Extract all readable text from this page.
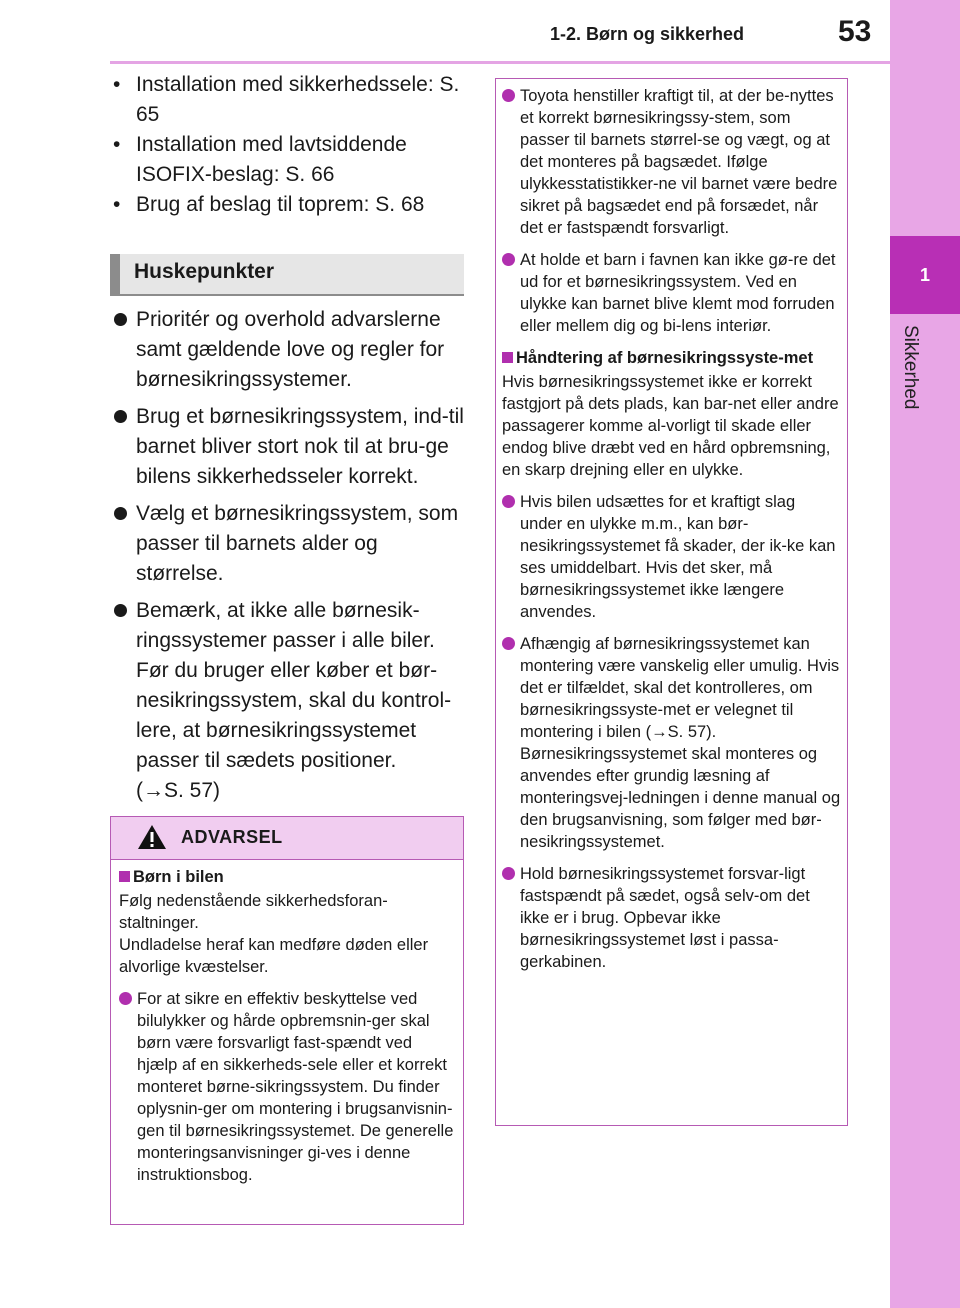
1-2. Børn og sikkerhed	53
1
Sikkerhed
• Installation med sikkerhedssele: S. 65
• Installation med lavtsiddende ISOFIX-beslag: S. 66
• Brug af beslag til toprem: S. 68
Huskepunkter
Prioritér og overhold advarslerne samt gældende love og regler for børnesikringssystemer.
Brug et børnesikringssystem, ind-til barnet bliver stort nok til at bru-ge bilens sikkerhedsseler korrekt.
Vælg et børnesikringssystem, som passer til barnets alder og størrelse.
Bemærk, at ikke alle børnesik-ringssystemer passer i alle biler. Før du bruger eller køber et bør-nesikringssystem, skal du kontrol-lere, at børnesikringssystemet passer til sædets positioner.
(→S. 57)
ADVARSEL
Børn i bilen

Følg nedenstående sikkerhedsforan-staltninger.

Undladelse heraf kan medføre døden eller alvorlige kvæstelser.

For at sikre en effektiv beskyttelse ved bilulykker og hårde opbremsnin-ger skal børn være forsvarligt fast-spændt ved hjælp af en sikkerheds-sele eller et korrekt monteret børne-sikringssystem. Du finder oplysnin-ger om montering i brugsanvisnin-gen til børnesikringssystemet. De generelle monteringsanvisninger gi-ves i denne instruktionsbog.
Toyota henstiller kraftigt til, at der be-nyttes et korrekt børnesikringssy-stem, som passer til barnets størrel-se og vægt, og at det monteres på bagsædet. Ifølge ulykkesstatistikker-ne vil barnet være bedre sikret på bagsædet end på forsædet, når det er fastspændt forsvarligt.
At holde et barn i favnen kan ikke gø-re det ud for et børnesikringssystem. Ved en ulykke kan barnet blive klemt mod forruden eller mellem dig og bi-lens interiør.
Håndtering af børnesikringssyste-met

Hvis børnesikringssystemet ikke er korrekt fastgjort på dets plads, kan bar-net eller andre passagerer komme al-vorligt til skade eller endog blive dræbt ved en hård opbremsning, en skarp drejning eller en ulykke.

Hvis bilen udsættes for et kraftigt slag under en ulykke m.m., kan bør-nesikringssystemet få skader, der ik-ke kan ses umiddelbart. Hvis det sker, må børnesikringssystemet ikke længere anvendes.
Afhængig af børnesikringssystemet kan montering være vanskelig eller umulig. Hvis det er tilfældet, skal det kontrolleres, om børnesikringssyste-met er velegnet til montering i bilen (→S. 57). Børnesikringssystemet skal monteres og anvendes efter grundig læsning af monteringsvej-ledningen i denne manual og den brugsanvisning, som følger med bør-nesikringssystemet.
Hold børnesikringssystemet forsvar-ligt fastspændt på sædet, også selv-om det ikke er i brug. Opbevar ikke børnesikringssystemet løst i passa-gerkabinen.
